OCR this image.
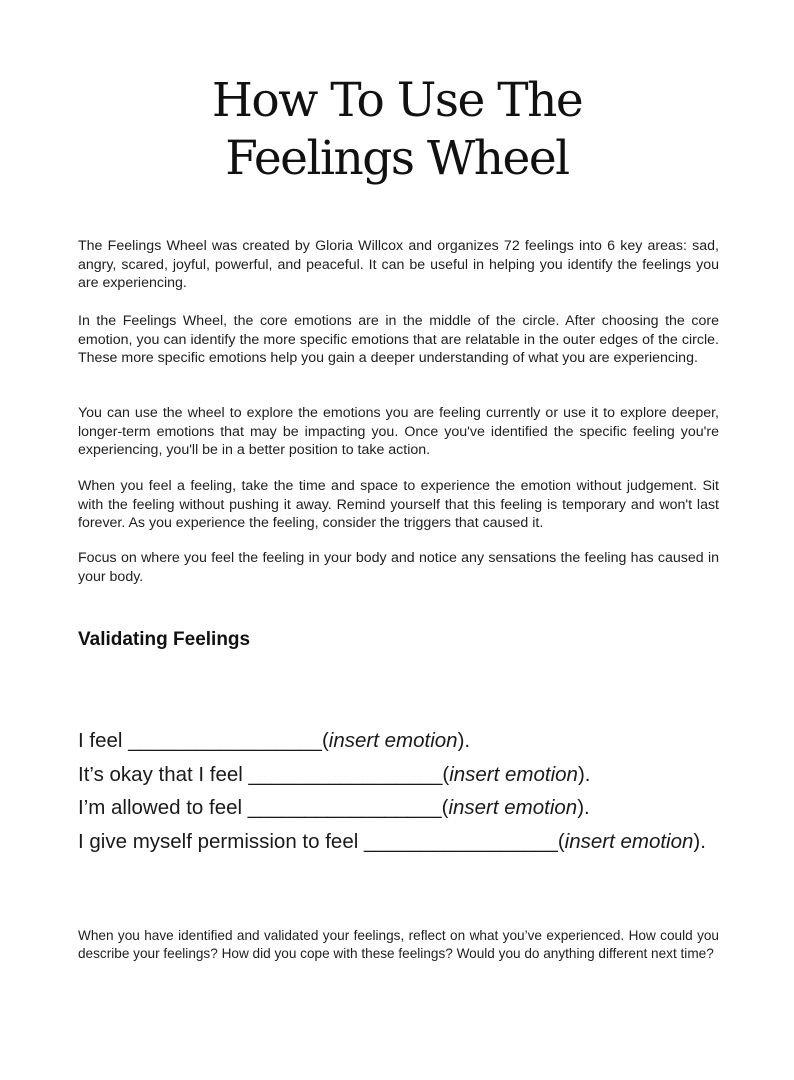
How To Use The
Feelings Wheel

The Feelings Wheel was created by Gloria Willcox and organizes 72 feelings into 6 key areas: sad, angry, scared, joyful, powerful, and peaceful. It can be useful in helping you identify the feelings you are experiencing.

In the Feelings Wheel, the core emotions are in the middle of the circle. After choosing the core emotion, you can identify the more specific emotions that are relatable in the outer edges of the circle. These more specific emotions help you gain a deeper understanding of what you are experiencing.

You can use the wheel to explore the emotions you are feeling currently or use it to explore deeper, longer-term emotions that may be impacting you. Once you've identified the specific feeling you're experiencing, you'll be in a better position to take action.

When you feel a feeling, take the time and space to experience the emotion without judgement. Sit with the feeling without pushing it away. Remind yourself that this feeling is temporary and won't last forever. As you experience the feeling, consider the triggers that caused it.

Focus on where you feel the feeling in your body and notice any sensations the feeling has caused in your body.

Validating Feelings
I feel _________________(insert emotion).
It’s okay that I feel _________________(insert emotion).
I’m allowed to feel _________________(insert emotion).
I give myself permission to feel _________________(insert emotion).

When you have identified and validated your feelings, reflect on what you’ve experienced. How could you describe your feelings? How did you cope with these feelings? Would you do anything different next time?
